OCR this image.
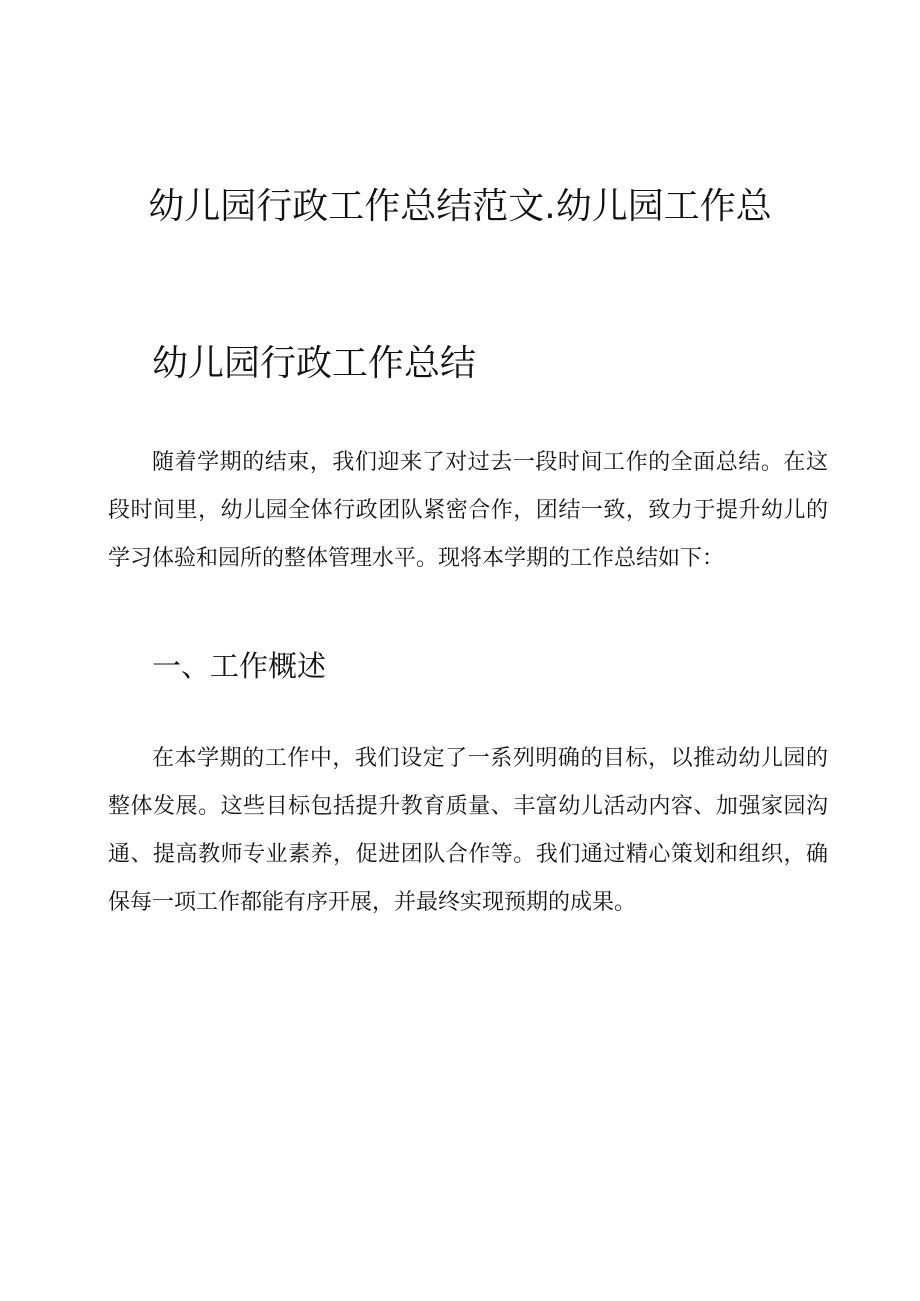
幼儿园行政工作总结范文.幼儿园工作总
幼儿园行政工作总结

随着学期的结束，我们迎来了对过去一段时间工作的全面总结。在这段时间里，幼儿园全体行政团队紧密合作，团结一致，致力于提升幼儿的学习体验和园所的整体管理水平。现将本学期的工作总结如下：

一、工作概述

在本学期的工作中，我们设定了一系列明确的目标，以推动幼儿园的整体发展。这些目标包括提升教育质量、丰富幼儿活动内容、加强家园沟通、提高教师专业素养，促进团队合作等。我们通过精心策划和组织，确保每一项工作都能有序开展，并最终实现预期的成果。
